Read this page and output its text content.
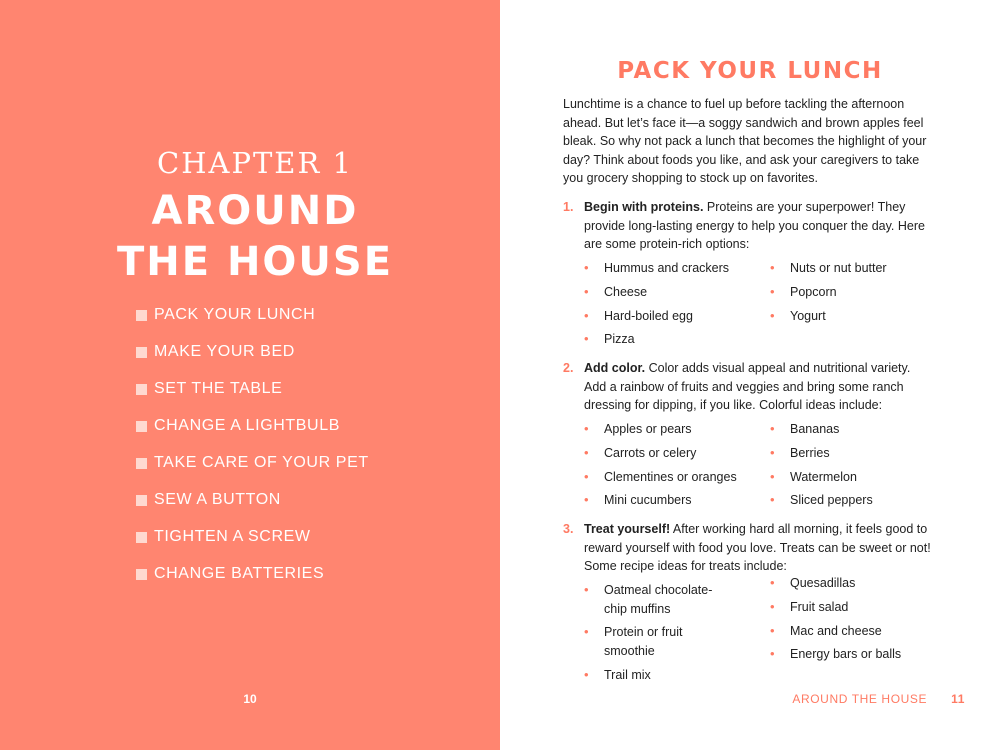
CHAPTER 1
AROUND
THE HOUSE
PACK YOUR LUNCH
MAKE YOUR BED
SET THE TABLE
CHANGE A LIGHTBULB
TAKE CARE OF YOUR PET
SEW A BUTTON
TIGHTEN A SCREW
CHANGE BATTERIES
10
PACK YOUR LUNCH

Lunchtime is a chance to fuel up before tackling the afternoon ahead. But let’s face it—a soggy sandwich and brown apples feel bleak. So why not pack a lunch that becomes the highlight of your day? Think about foods you like, and ask your caregivers to take you grocery shopping to stock up on favorites.

1. Begin with proteins. Proteins are your superpower! They provide long-lasting energy to help you conquer the day. Here are some protein-rich options:

• Hummus and crackers
• Cheese
• Hard-boiled egg
• Pizza
• Nuts or nut butter
• Popcorn
• Yogurt
2. Add color. Color adds visual appeal and nutritional variety. Add a rainbow of fruits and veggies and bring some ranch dressing for dipping, if you like. Colorful ideas include:

• Apples or pears
• Carrots or celery
• Clementines or oranges
• Mini cucumbers
• Bananas
• Berries
• Watermelon
• Sliced peppers
3. Treat yourself! After working hard all morning, it feels good to reward yourself with food you love. Treats can be sweet or not! Some recipe ideas for treats include:

• Oatmeal chocolate-chip muffins
• Protein or fruit smoothie
• Trail mix
• Quesadillas
• Fruit salad
• Mac and cheese
• Energy bars or balls
AROUND THE HOUSE 11
